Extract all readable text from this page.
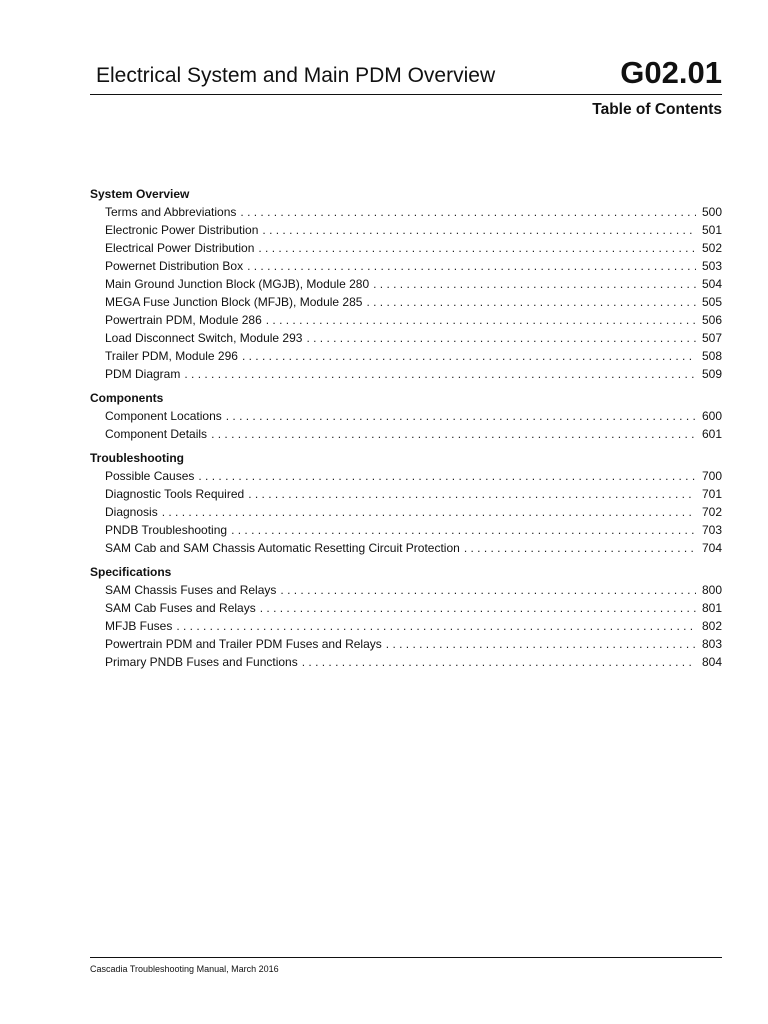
Electrical System and Main PDM Overview	G02.01
Table of Contents
System Overview
Terms and Abbreviations . . .	500
Electronic Power Distribution . . .	501
Electrical Power Distribution . . .	502
Powernet Distribution Box . . .	503
Main Ground Junction Block (MGJB), Module 280 . . .	504
MEGA Fuse Junction Block (MFJB), Module 285 . . .	505
Powertrain PDM, Module 286 . . .	506
Load Disconnect Switch, Module 293 . . .	507
Trailer PDM, Module 296 . . .	508
PDM Diagram . . .	509
Components
Component Locations . . .	600
Component Details . . .	601
Troubleshooting
Possible Causes . . .	700
Diagnostic Tools Required . . .	701
Diagnosis . . .	702
PNDB Troubleshooting . . .	703
SAM Cab and SAM Chassis Automatic Resetting Circuit Protection . . .	704
Specifications
SAM Chassis Fuses and Relays . . .	800
SAM Cab Fuses and Relays . . .	801
MFJB Fuses . . .	802
Powertrain PDM and Trailer PDM Fuses and Relays . . .	803
Primary PNDB Fuses and Functions . . .	804
Cascadia Troubleshooting Manual, March 2016
